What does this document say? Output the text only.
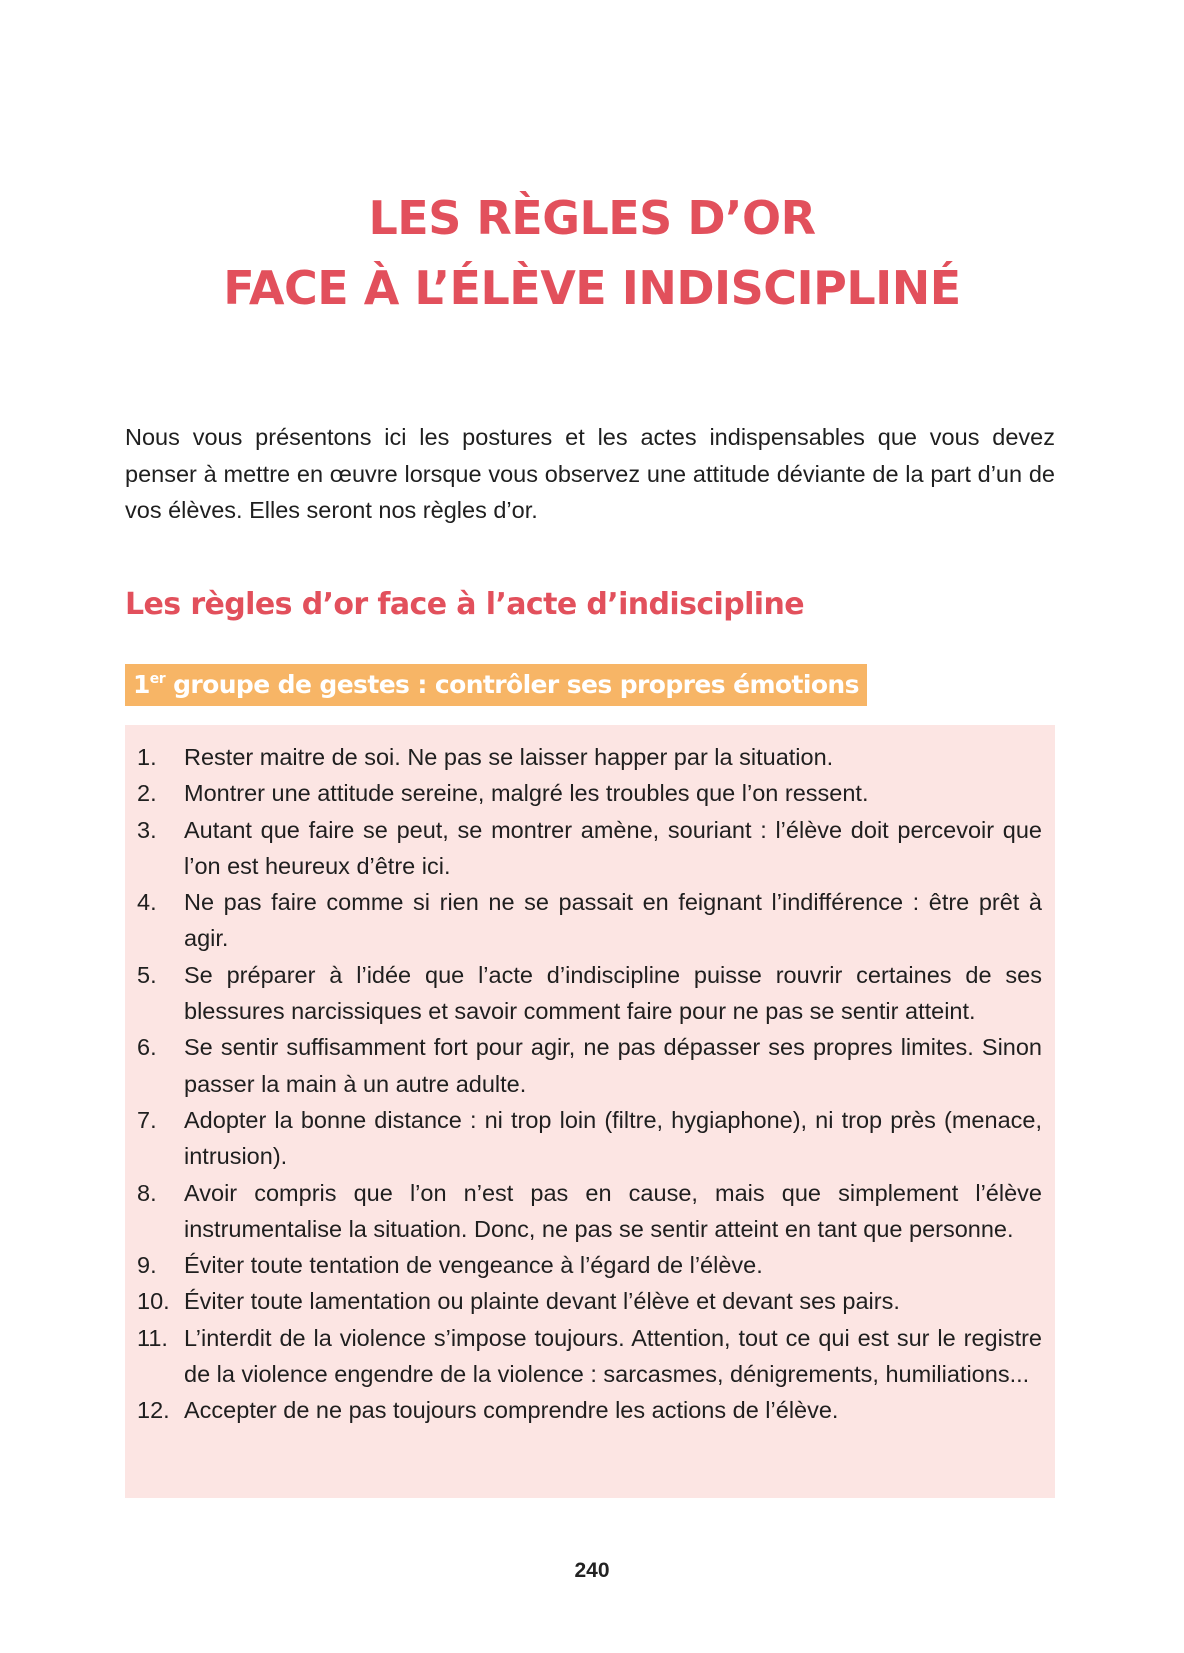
LES RÈGLES D’OR
FACE À L’ÉLÈVE INDISCIPLINÉ

Nous vous présentons ici les postures et les actes indispensables que vous devez penser à mettre en œuvre lorsque vous observez une attitude déviante de la part d’un de vos élèves. Elles seront nos règles d’or.

Les règles d’or face à l’acte d’indiscipline
1er groupe de gestes : contrôler ses propres émotions
1.	Rester maitre de soi. Ne pas se laisser happer par la situation.
2.	Montrer une attitude sereine, malgré les troubles que l’on ressent.
3.	Autant que faire se peut, se montrer amène, souriant : l’élève doit percevoir que l’on est heureux d’être ici.
4.	Ne pas faire comme si rien ne se passait en feignant l’indifférence : être prêt à agir.
5.	Se préparer à l’idée que l’acte d’indiscipline puisse rouvrir certaines de ses blessures narcissiques et savoir comment faire pour ne pas se sentir atteint.
6.	Se sentir suffisamment fort pour agir, ne pas dépasser ses propres limites. Sinon passer la main à un autre adulte.
7.	Adopter la bonne distance : ni trop loin (filtre, hygiaphone), ni trop près (menace, intrusion).
8.	Avoir compris que l’on n’est pas en cause, mais que simplement l’élève instrumentalise la situation. Donc, ne pas se sentir atteint en tant que personne.
9.	Éviter toute tentation de vengeance à l’égard de l’élève.
10. Éviter toute lamentation ou plainte devant l’élève et devant ses pairs.
11. L’interdit de la violence s’impose toujours. Attention, tout ce qui est sur le registre de la violence engendre de la violence : sarcasmes, dénigrements, humiliations...
12. Accepter de ne pas toujours comprendre les actions de l’élève.
240
